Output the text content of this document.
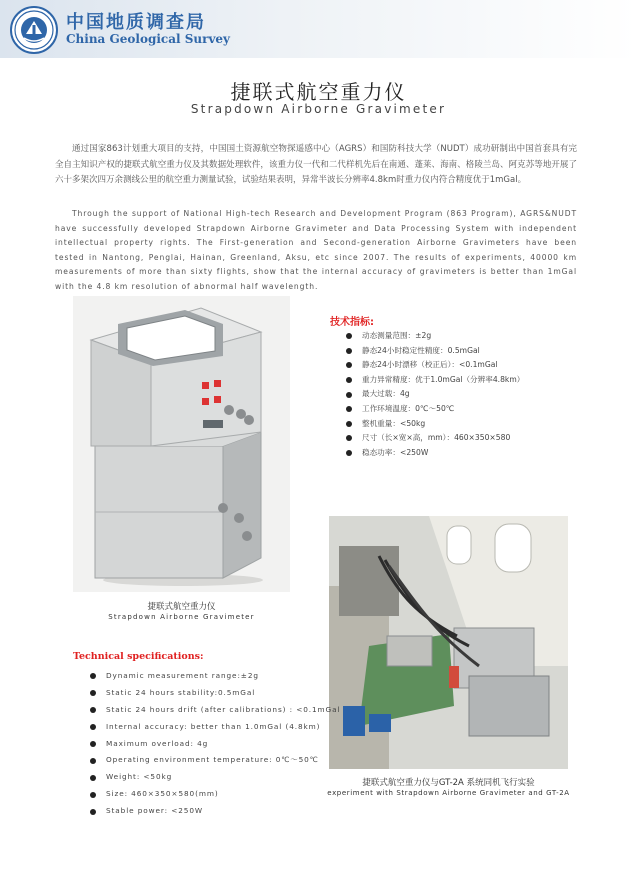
中国地质调查局
China Geological Survey
捷联式航空重力仪
Strapdown Airborne Gravimeter

通过国家863计划重大项目的支持，中国国土资源航空物探遥感中心（AGRS）和国防科技大学（NUDT）成功研制出中国首套具有完全自主知识产权的捷联式航空重力仪及其数据处理软件，该重力仪一代和二代样机先后在南通、蓬莱、海南、格陵兰岛、阿克苏等地开展了六十多架次四万余测线公里的航空重力测量试验，试验结果表明，异常半波长分辨率4.8km时重力仪内符合精度优于1mGal。

Through the support of National High-tech Research and Development Program (863 Program), AGRS&NUDT have successfully developed Strapdown Airborne Gravimeter and Data Processing System with independent intellectual property rights. The First-generation and Second-generation Airborne Gravimeters have been tested in Nantong, Penglai, Hainan, Greenland, Aksu, etc since 2007. The results of experiments, 40000 km measurements of more than sixty flights, show that the internal accuracy of gravimeters is better than 1mGal with the 4.8 km resolution of abnormal half wavelength.

捷联式航空重力仪
Strapdown Airborne Gravimeter
技术指标:
动态测量范围：±2g
静态24小时稳定性精度：0.5mGal
静态24小时漂移（校正后）：<0.1mGal
重力异常精度：优于1.0mGal（分辨率4.8km）
最大过载：4g
工作环境温度：0℃～50℃
整机重量：<50kg
尺寸（长×宽×高，mm）：460×350×580
稳态功率：<250W
捷联式航空重力仪与GT-2A 系统同机飞行实验
experiment with Strapdown Airborne Gravimeter and GT-2A
Technical specifications:
Dynamic measurement range:±2g
Static 24 hours stability:0.5mGal
Static 24 hours drift (after calibrations) : <0.1mGal
Internal accuracy: better than 1.0mGal (4.8km)
Maximum overload: 4g
Operating environment temperature: 0℃～50℃
Weight: <50kg
Size: 460×350×580(mm)
Stable power: <250W
